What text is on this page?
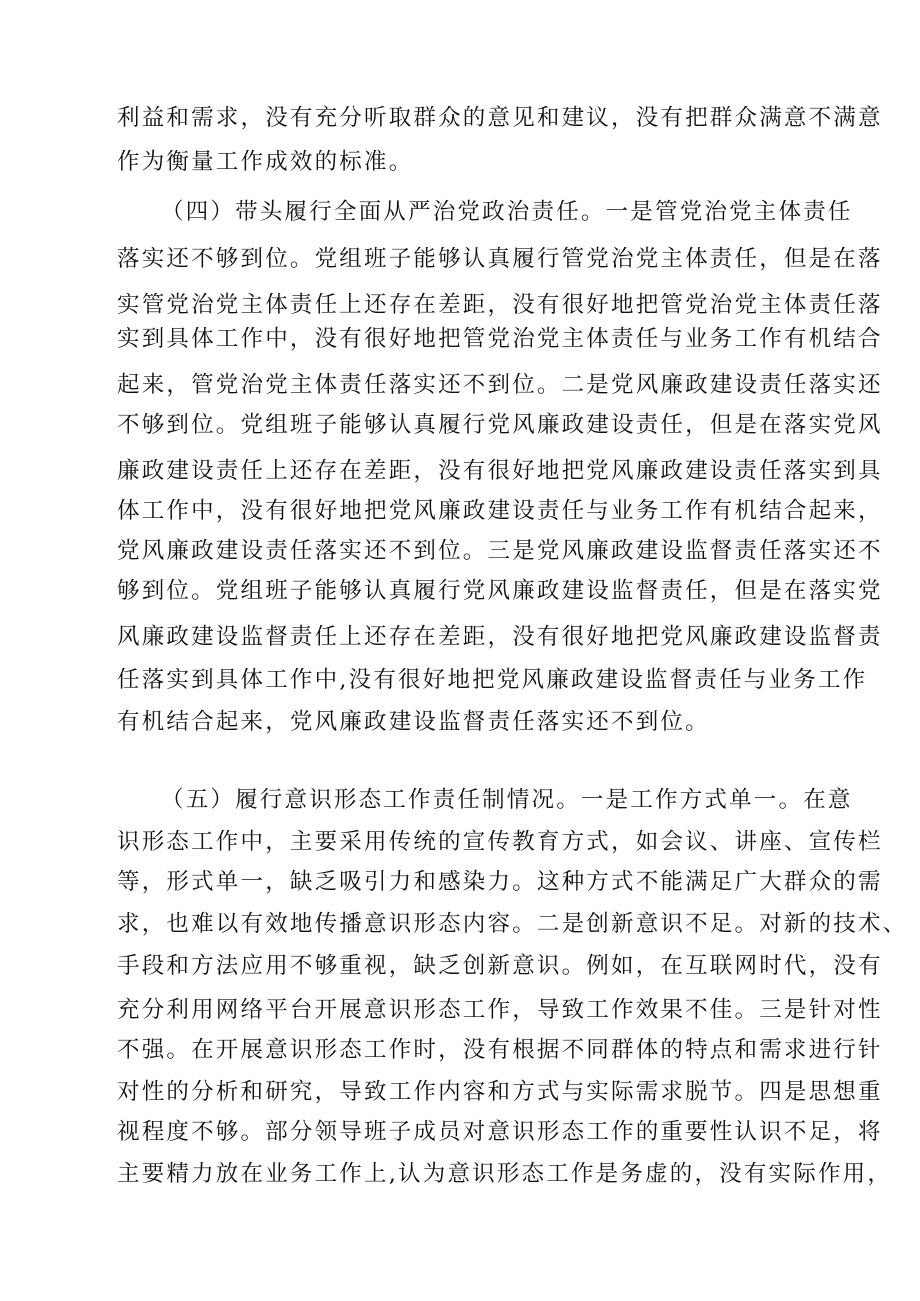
利益和需求，没有充分听取群众的意见和建议，没有把群众满意不满意
作为衡量工作成效的标准。
（四）带头履行全面从严治党政治责任。一是管党治党主体责任
落实还不够到位。党组班子能够认真履行管党治党主体责任，但是在落
实管党治党主体责任上还存在差距，没有很好地把管党治党主体责任落
实到具体工作中，没有很好地把管党治党主体责任与业务工作有机结合
起来，管党治党主体责任落实还不到位。二是党风廉政建设责任落实还
不够到位。党组班子能够认真履行党风廉政建设责任，但是在落实党风
廉政建设责任上还存在差距，没有很好地把党风廉政建设责任落实到具
体工作中，没有很好地把党风廉政建设责任与业务工作有机结合起来，
党风廉政建设责任落实还不到位。三是党风廉政建设监督责任落实还不
够到位。党组班子能够认真履行党风廉政建设监督责任，但是在落实党
风廉政建设监督责任上还存在差距，没有很好地把党风廉政建设监督责
任落实到具体工作中,没有很好地把党风廉政建设监督责任与业务工作
有机结合起来，党风廉政建设监督责任落实还不到位。
（五）履行意识形态工作责任制情况。一是工作方式单一。在意
识形态工作中，主要采用传统的宣传教育方式，如会议、讲座、宣传栏
等，形式单一，缺乏吸引力和感染力。这种方式不能满足广大群众的需
求，也难以有效地传播意识形态内容。二是创新意识不足。对新的技术、
手段和方法应用不够重视，缺乏创新意识。例如，在互联网时代，没有
充分利用网络平台开展意识形态工作，导致工作效果不佳。三是针对性
不强。在开展意识形态工作时，没有根据不同群体的特点和需求进行针
对性的分析和研究，导致工作内容和方式与实际需求脱节。四是思想重
视程度不够。部分领导班子成员对意识形态工作的重要性认识不足，将
主要精力放在业务工作上,认为意识形态工作是务虚的，没有实际作用，
